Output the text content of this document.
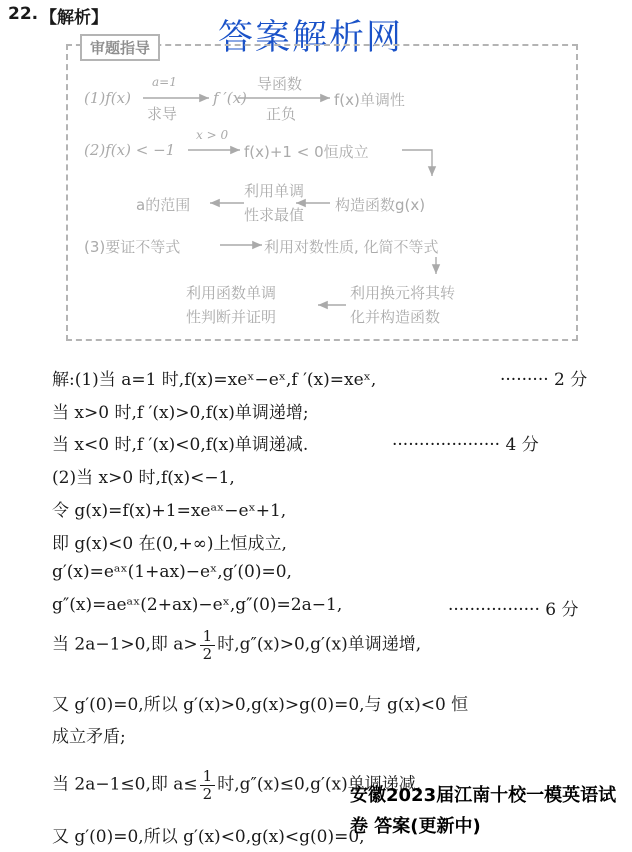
22. 【解析】	答案解析网
审题指导
(1)f(x)
a=1
求导
f ′(x)
导函数
正负
f(x)单调性
(2)f(x) < −1
x > 0
f(x)+1 < 0恒成立
a的范围
利用单调
性求最值
构造函数g(x)
(3)要证不等式	利用对数性质, 化简不等式
利用函数单调
性判断并证明
利用换元将其转
化并构造函数
解:(1)当 a=1 时,f(x)=xeˣ−eˣ,f ′(x)=xeˣ,	········· 2 分
当 x>0 时,f ′(x)>0,f(x)单调递增;
当 x<0 时,f ′(x)<0,f(x)单调递减.	···················· 4 分
(2)当 x>0 时,f(x)<−1,
令 g(x)=f(x)+1=xeᵃˣ−eˣ+1,
即 g(x)<0 在(0,+∞)上恒成立,
g′(x)=eᵃˣ(1+ax)−eˣ,g′(0)=0,
g″(x)=aeᵃˣ(2+ax)−eˣ,g″(0)=2a−1,	················· 6 分
当 2a−1>0,即 $a> \frac{1}{2}$ 时,g″(x)>0,g′(x)单调递增,
又 g′(0)=0,所以 g′(x)>0,g(x)>g(0)=0,与 g(x)<0 恒
成立矛盾;
当 2a−1≤0,即 $a\le \frac{1}{2}$ 时,g″(x)≤0,g′(x)单调递减,
又 g′(0)=0,所以 g′(x)<0,g(x)<g(0)=0,
安徽2023届江南十校一模英语试卷 答案(更新中)
